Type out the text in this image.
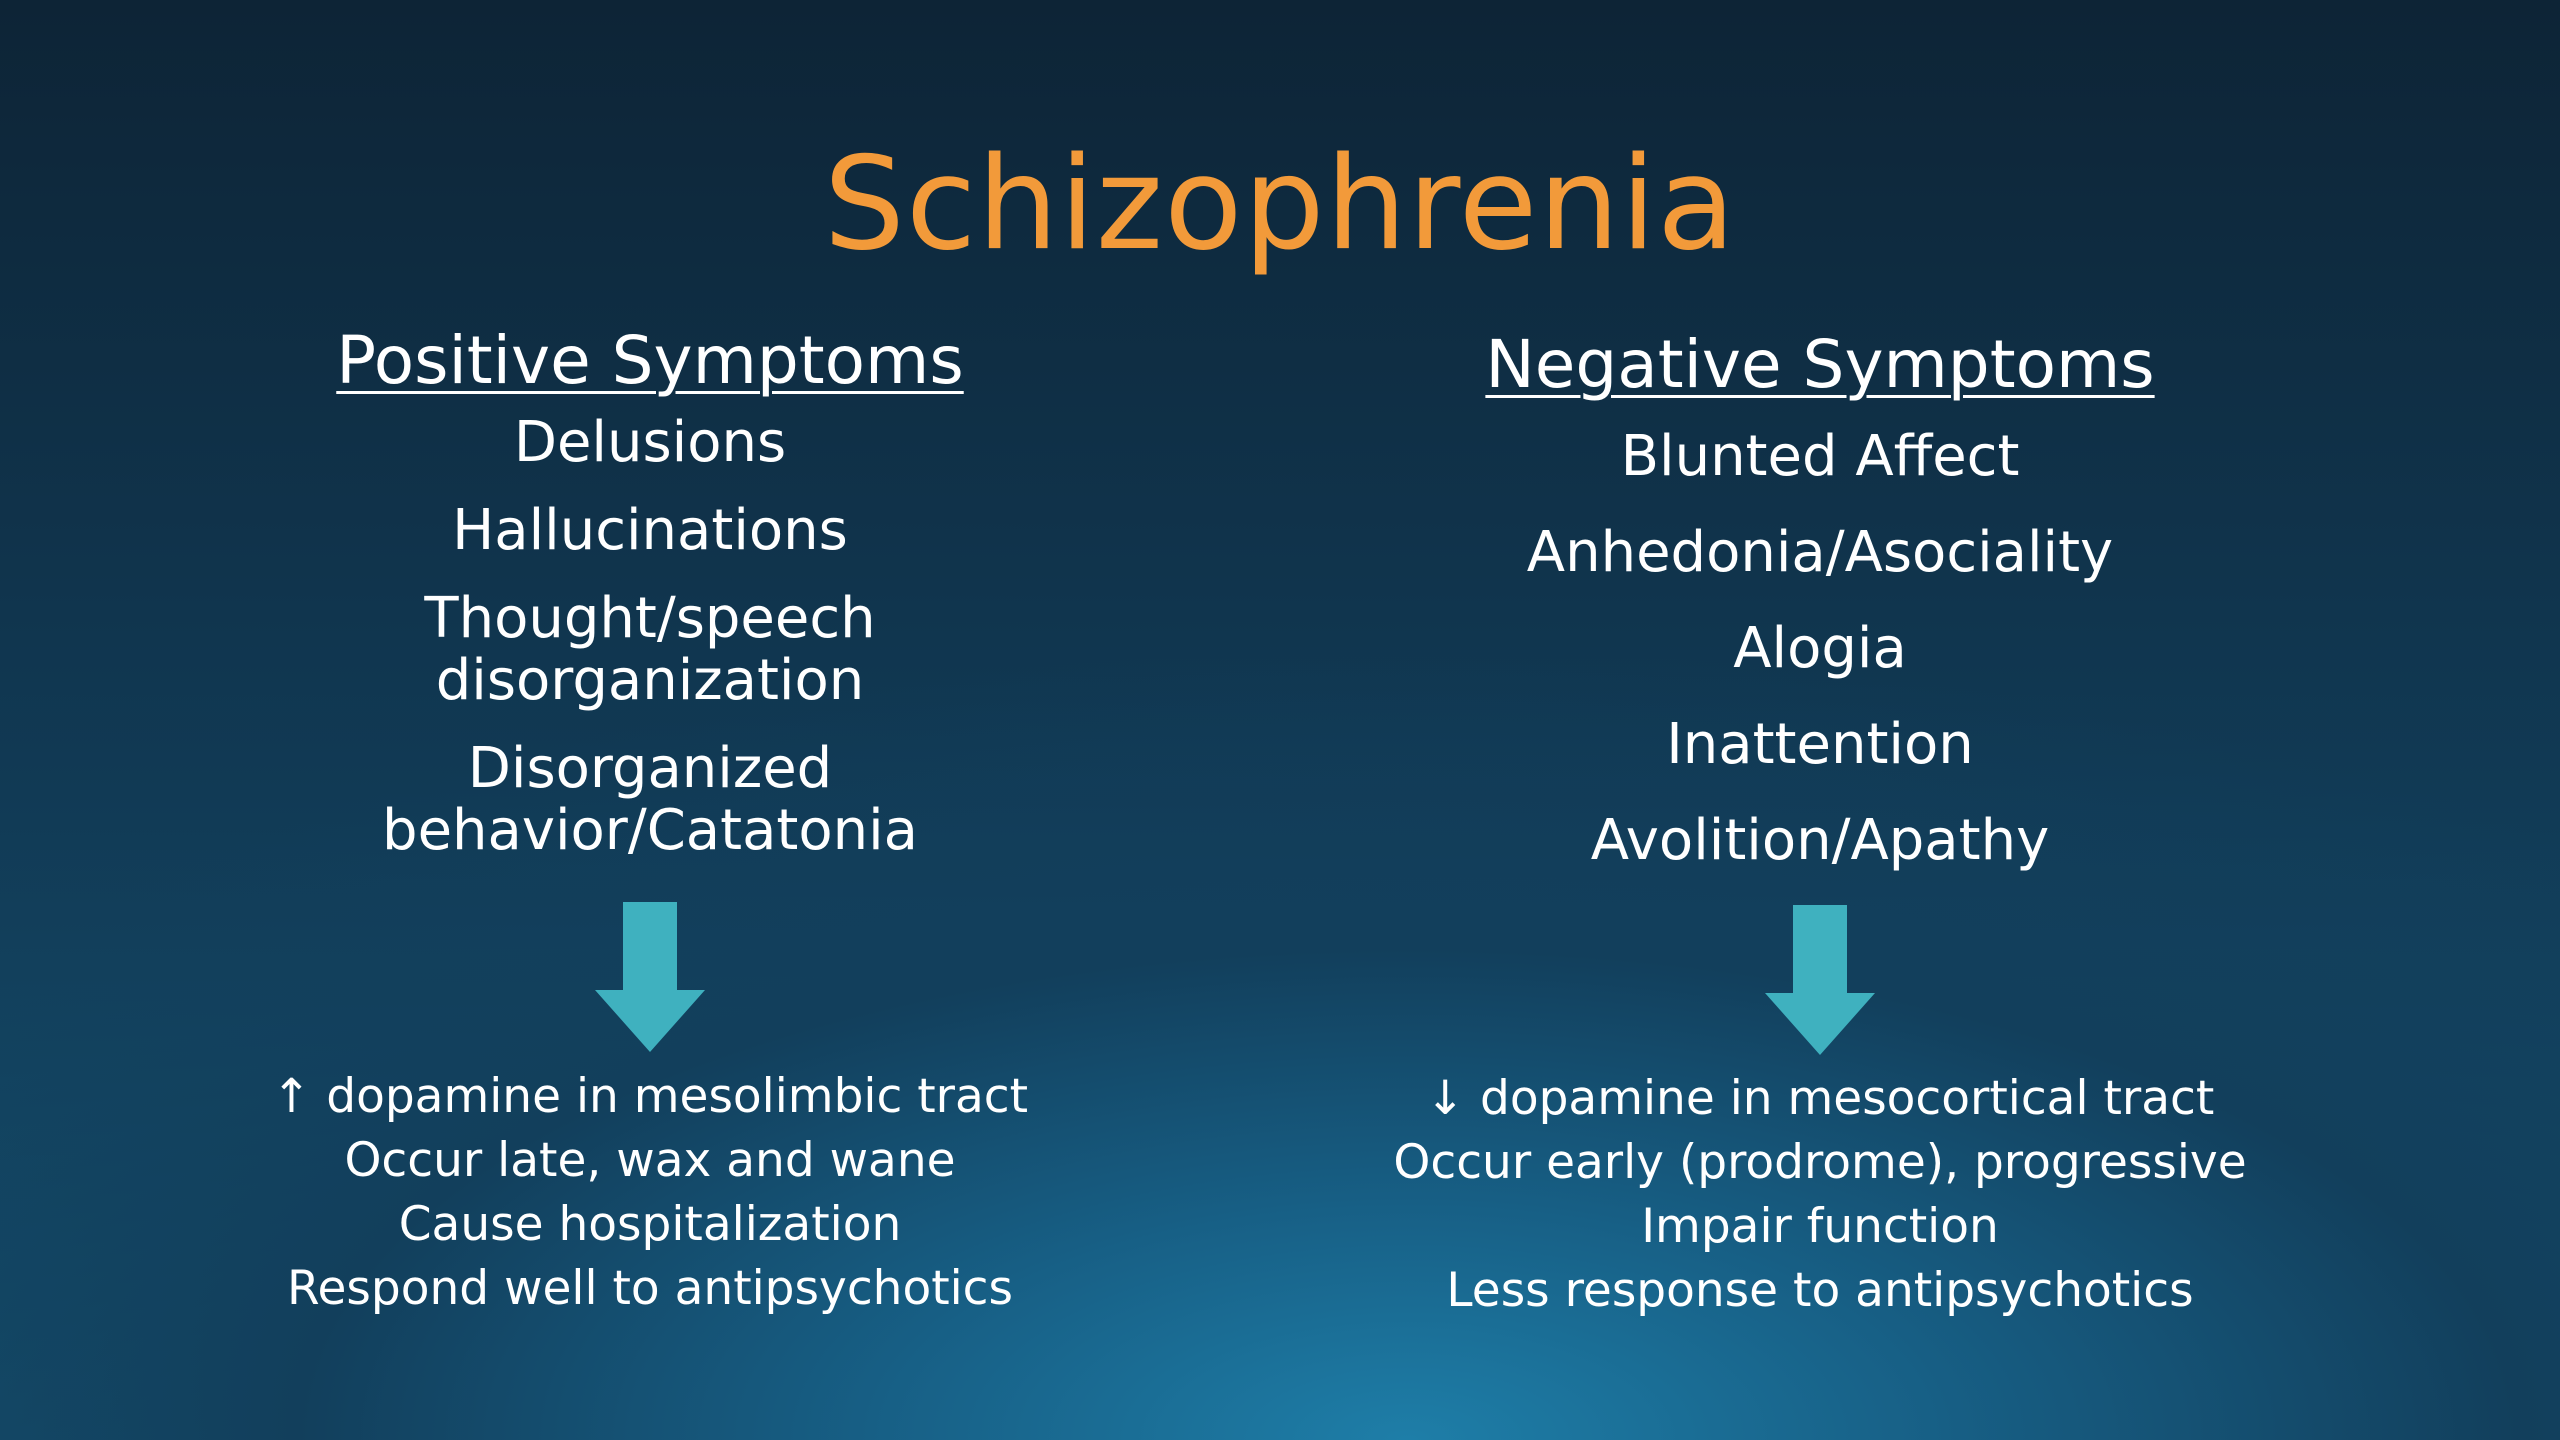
Schizophrenia
Positive Symptoms
Delusions
Hallucinations
Thought/speech disorganization
Disorganized behavior/Catatonia
↑ dopamine in mesolimbic tract
Occur late, wax and wane
Cause hospitalization
Respond well to antipsychotics
Negative Symptoms
Blunted Affect
Anhedonia/Asociality
Alogia
Inattention
Avolition/Apathy
↓ dopamine in mesocortical tract
Occur early (prodrome), progressive
Impair function
Less response to antipsychotics
